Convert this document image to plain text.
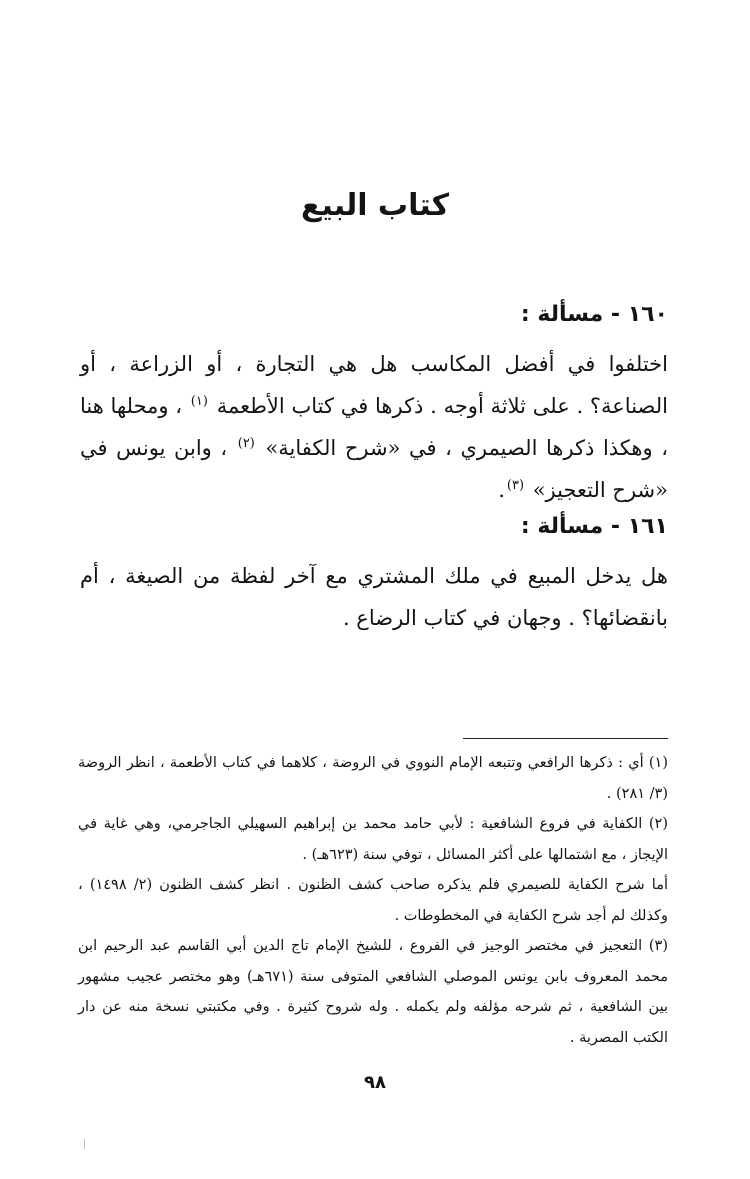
كتاب البيع
١٦٠ - مسألة :

اختلفوا في أفضل المكاسب هل هي التجارة ، أو الزراعة ، أو الصناعة؟ . على ثلاثة أوجه . ذكرها في كتاب الأطعمة $^{(١)}$ ، ومحلها هنا ، وهكذا ذكرها الصيمري ، في «شرح الكفاية» $^{(٢)}$ ، وابن يونس في «شرح التعجيز» $^{(٣)}$.

١٦١ - مسألة :

هل يدخل المبيع في ملك المشتري مع آخر لفظة من الصيغة ، أم بانقضائها؟ . وجهان في كتاب الرضاع .

(١) أي : ذكرها الرافعي وتتبعه الإمام النووي في الروضة ، كلاهما في كتاب الأطعمة ، انظر الروضة (٣/ ٢٨١) .

(٢) الكفاية في فروع الشافعية : لأبي حامد محمد بن إبراهيم السهيلي الجاجرمي، وهي غاية في الإيجاز ، مع اشتمالها على أكثر المسائل ، توفي سنة (٦٢٣هـ) .

أما شرح الكفاية للصيمري فلم يذكره صاحب كشف الظنون . انظر كشف الظنون (٢/ ١٤٩٨) ، وكذلك لم أجد شرح الكفاية في المخطوطات .

(٣) التعجيز في مختصر الوجيز في الفروع ، للشيخ الإمام تاج الدين أبي القاسم عبد الرحيم ابن محمد المعروف بابن يونس الموصلي الشافعي المتوفى سنة (٦٧١هـ) وهو مختصر عجيب مشهور بين الشافعية ، ثم شرحه مؤلفه ولم يكمله . وله شروح كثيرة . وفي مكتبتي نسخة منه عن دار الكتب المصرية .

٩٨
